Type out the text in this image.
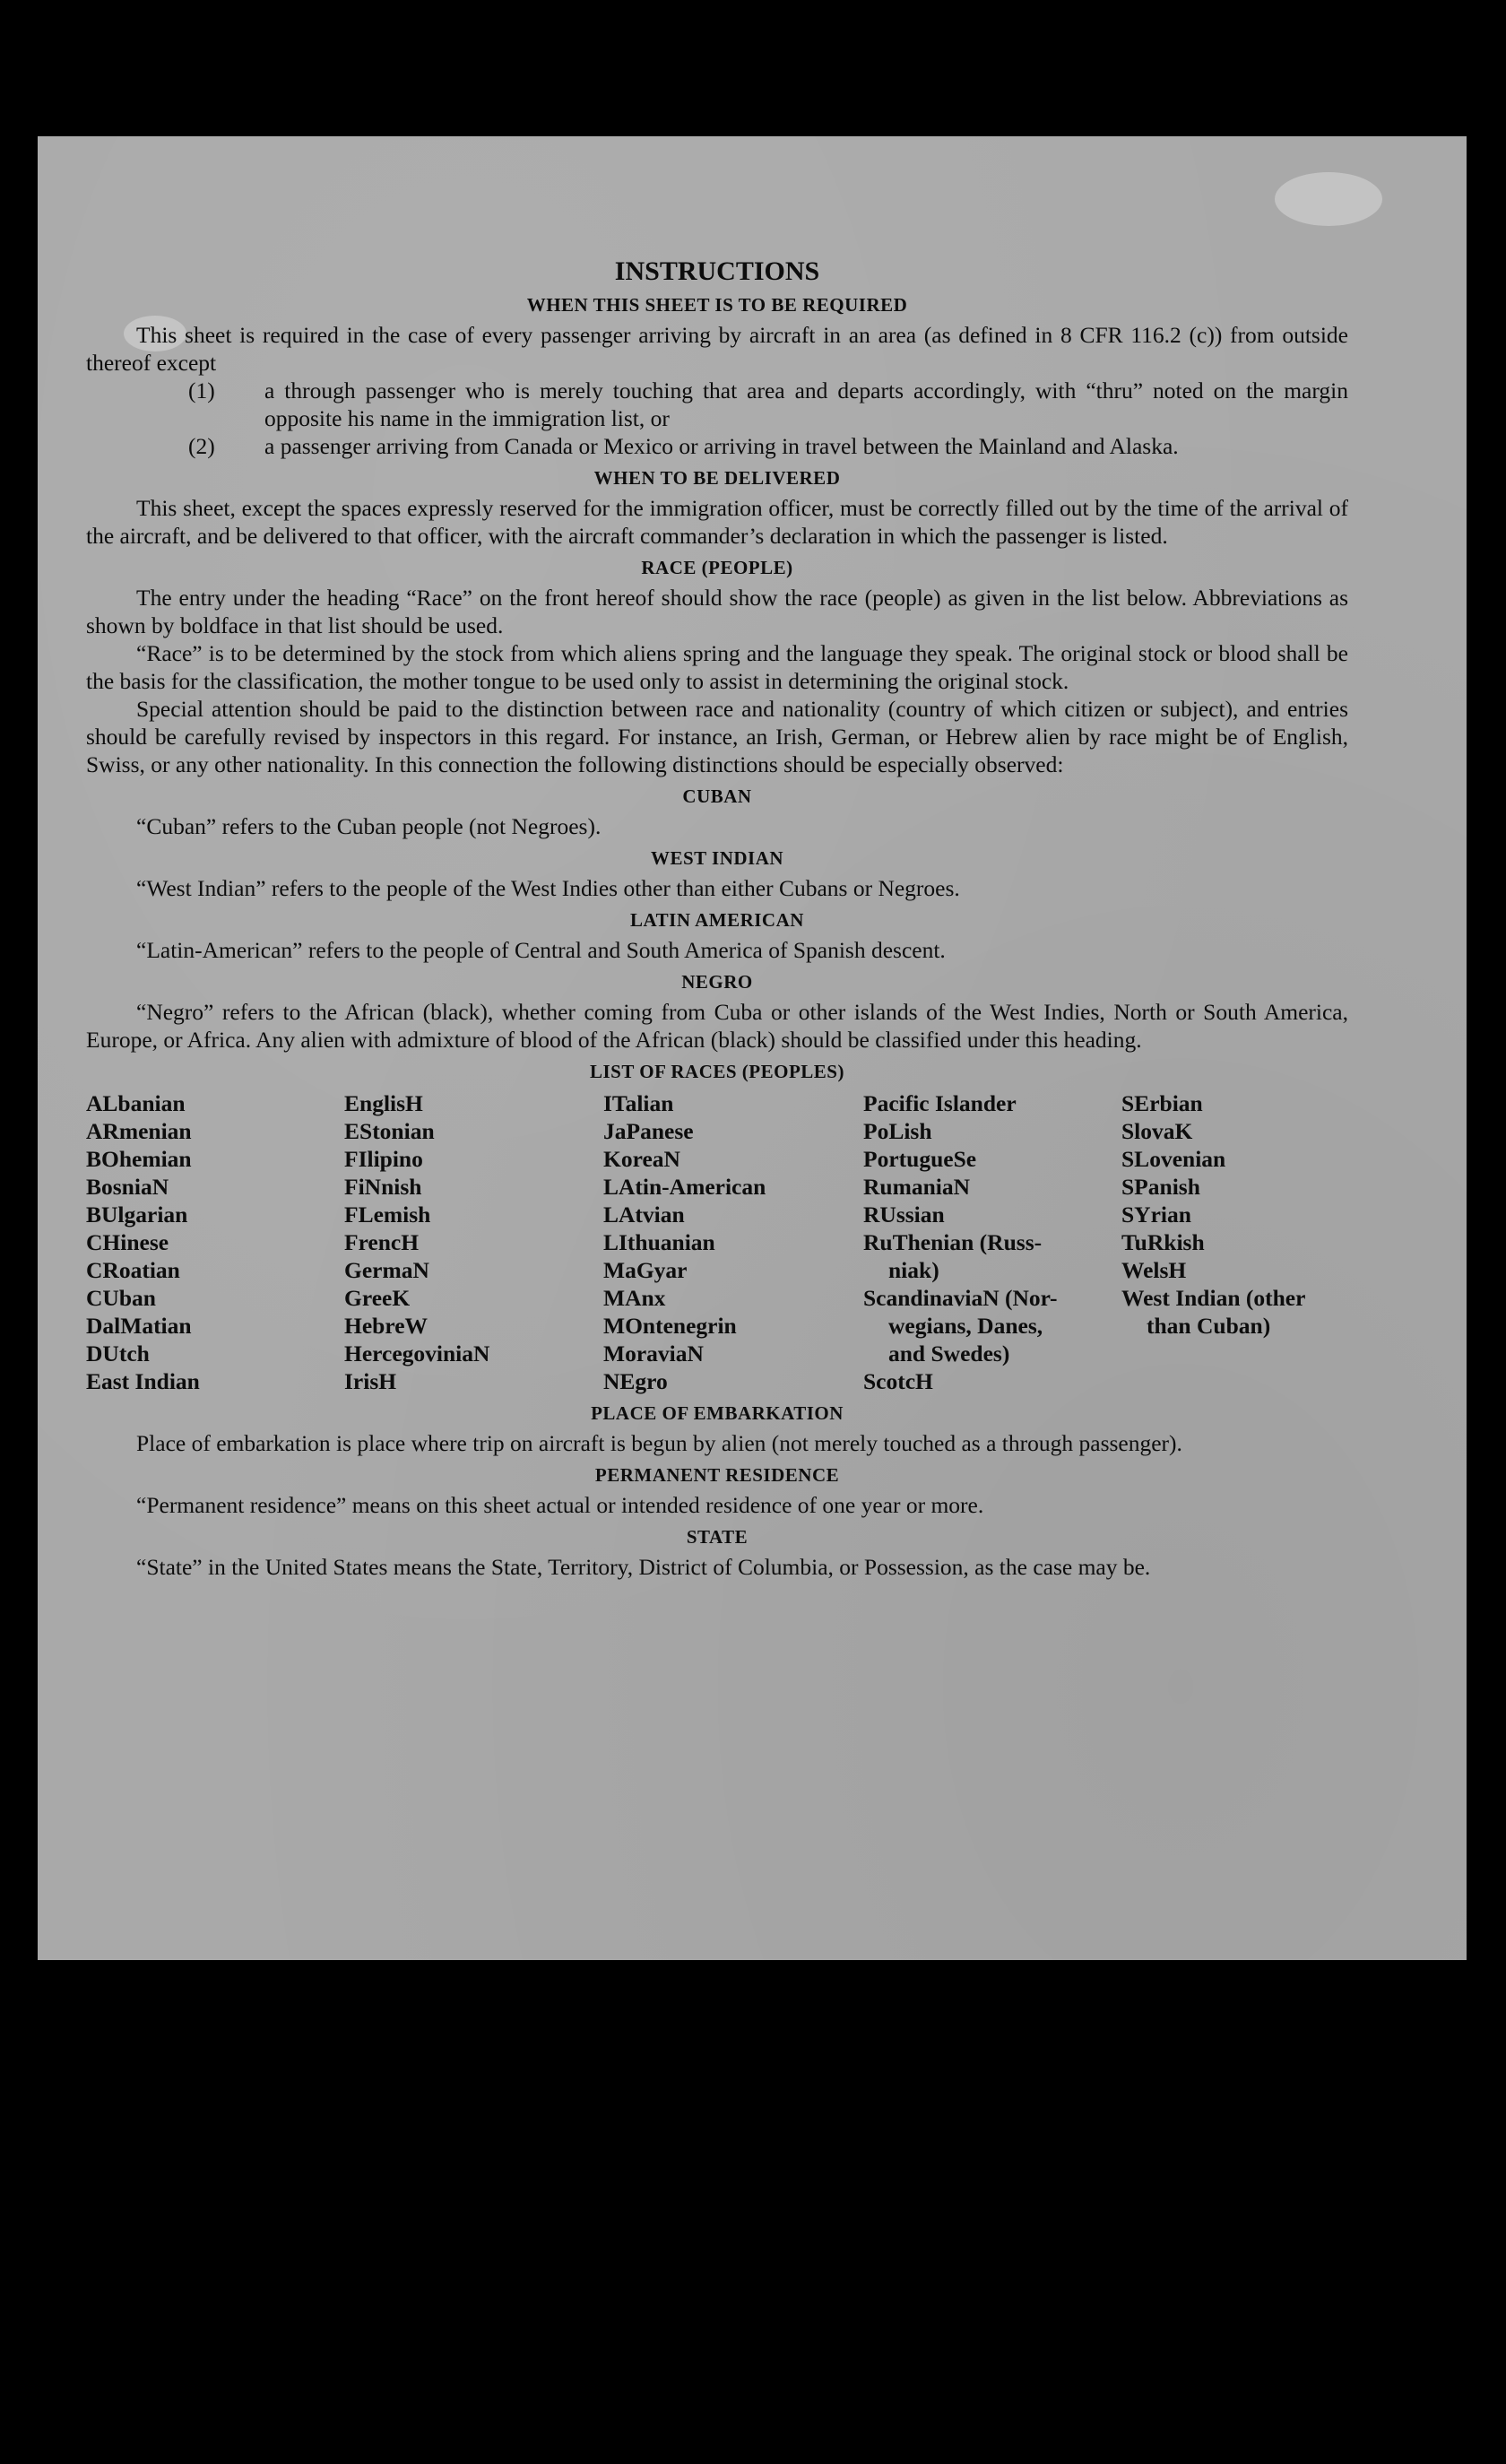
INSTRUCTIONS
WHEN THIS SHEET IS TO BE REQUIRED

This sheet is required in the case of every passenger arriving by aircraft in an area (as defined in 8 CFR 116.2 (c)) from outside thereof except

(1) a through passenger who is merely touching that area and departs accordingly, with “thru” noted on the margin opposite his name in the immigration list, or
(2) a passenger arriving from Canada or Mexico or arriving in travel between the Mainland and Alaska.
WHEN TO BE DELIVERED

This sheet, except the spaces expressly reserved for the immigration officer, must be correctly filled out by the time of the arrival of the aircraft, and be delivered to that officer, with the aircraft commander’s declaration in which the passenger is listed.

RACE (PEOPLE)

The entry under the heading “Race” on the front hereof should show the race (people) as given in the list below. Abbreviations as shown by boldface in that list should be used.

“Race” is to be determined by the stock from which aliens spring and the language they speak. The original stock or blood shall be the basis for the classification, the mother tongue to be used only to assist in determining the original stock.

Special attention should be paid to the distinction between race and nationality (country of which citizen or subject), and entries should be carefully revised by inspectors in this regard. For instance, an Irish, German, or Hebrew alien by race might be of English, Swiss, or any other nationality. In this connection the following distinctions should be especially observed:

CUBAN

“Cuban” refers to the Cuban people (not Negroes).

WEST INDIAN

“West Indian” refers to the people of the West Indies other than either Cubans or Negroes.

LATIN AMERICAN

“Latin-American” refers to the people of Central and South America of Spanish descent.

NEGRO

“Negro” refers to the African (black), whether coming from Cuba or other islands of the West Indies, North or South America, Europe, or Africa. Any alien with admixture of blood of the African (black) should be classified under this heading.

LIST OF RACES (PEOPLES)
ALbanian
ARmenian
BOhemian
BosniaN
BUlgarian
CHinese
CRoatian
CUban
DalMatian
DUtch
East Indian
EnglisH
EStonian
FIlipino
FiNnish
FLemish
FrencH
GermaN
GreeK
HebreW
HercegoviniaN
IrisH
ITalian
JaPanese
KoreaN
LAtin-American
LAtvian
LIthuanian
MaGyar
MAnx
MOntenegrin
MoraviaN
NEgro
Pacific Islander
PoLish
PortugueSe
RumaniaN
RUssian
RuThenian (Russ-
niak)
ScandinaviaN (Nor-
wegians, Danes,
and Swedes)
ScotcH
SErbian
SlovaK
SLovenian
SPanish
SYrian
TuRkish
WelsH
West Indian (other
than Cuban)
PLACE OF EMBARKATION

Place of embarkation is place where trip on aircraft is begun by alien (not merely touched as a through passenger).

PERMANENT RESIDENCE

“Permanent residence” means on this sheet actual or intended residence of one year or more.

STATE

“State” in the United States means the State, Territory, District of Columbia, or Possession, as the case may be.
